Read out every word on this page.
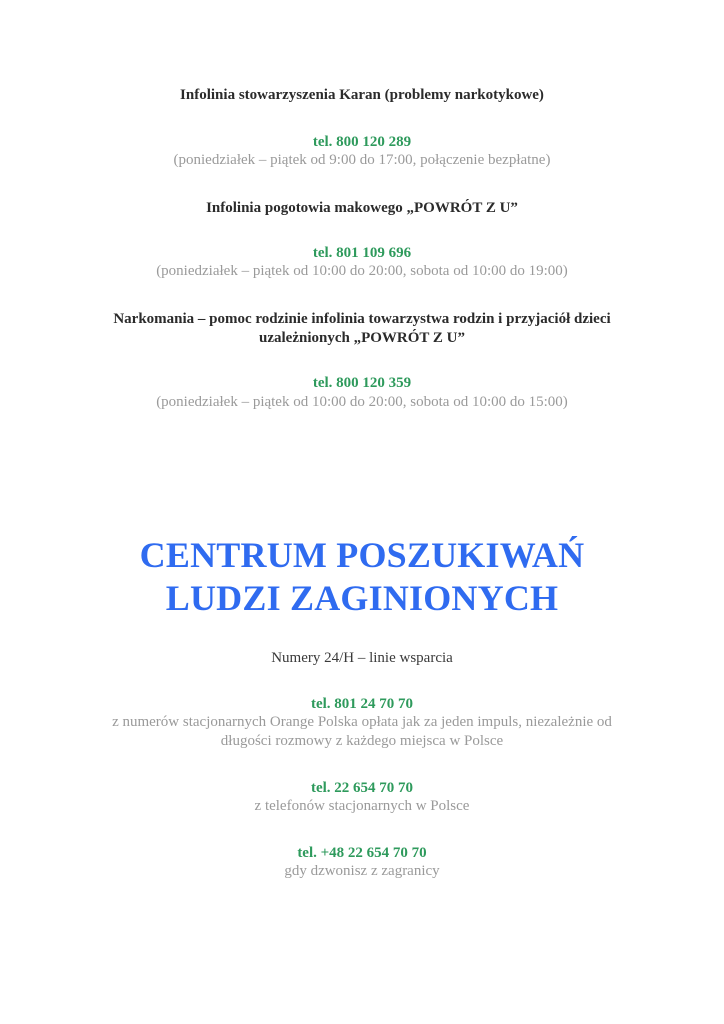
Infolinia stowarzyszenia Karan (problemy narkotykowe)

tel. 800 120 289

(poniedziałek – piątek od 9:00 do 17:00, połączenie bezpłatne)

Infolinia pogotowia makowego „POWRÓT Z U”

tel. 801 109 696

(poniedziałek – piątek od 10:00 do 20:00, sobota od 10:00 do 19:00)

Narkomania – pomoc rodzinie infolinia towarzystwa rodzin i przyjaciół dzieci

uzależnionych „POWRÓT Z U”

tel. 800 120 359

(poniedziałek – piątek od 10:00 do 20:00, sobota od 10:00 do 15:00)

CENTRUM POSZUKIWAŃ

LUDZI ZAGINIONYCH

Numery 24/H – linie wsparcia

tel. 801 24 70 70

z numerów stacjonarnych Orange Polska opłata jak za jeden impuls, niezależnie od

długości rozmowy z każdego miejsca w Polsce

tel. 22 654 70 70

z telefonów stacjonarnych w Polsce

tel. +48 22 654 70 70

gdy dzwonisz z zagranicy
